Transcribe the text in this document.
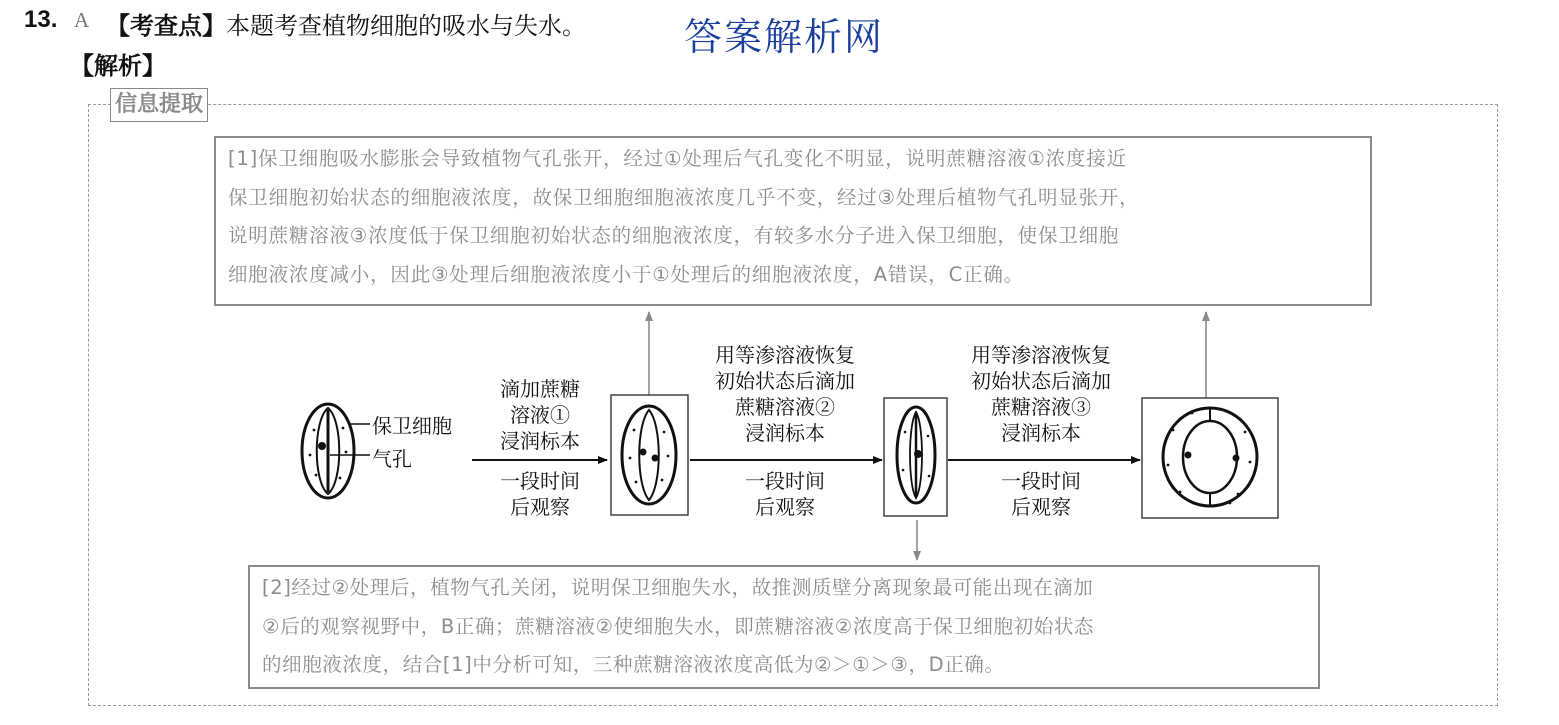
13. A 【考查点】本题考查植物细胞的吸水与失水。	答案解析网
【解析】
信息提取
保卫细胞
气孔
滴加蔗糖
溶液①
浸润标本
一段时间
后观察
用等渗溶液恢复
初始状态后滴加
蔗糖溶液②
浸润标本
一段时间
后观察
用等渗溶液恢复
初始状态后滴加
蔗糖溶液③
浸润标本
一段时间
后观察
[1]保卫细胞吸水膨胀会导致植物气孔张开，经过①处理后气孔变化不明显，说明蔗糖溶液①浓度接近
保卫细胞初始状态的细胞液浓度，故保卫细胞细胞液浓度几乎不变，经过③处理后植物气孔明显张开，
说明蔗糖溶液③浓度低于保卫细胞初始状态的细胞液浓度，有较多水分子进入保卫细胞，使保卫细胞
细胞液浓度减小，因此③处理后细胞液浓度小于①处理后的细胞液浓度，A错误，C正确。
[2]经过②处理后，植物气孔关闭，说明保卫细胞失水，故推测质壁分离现象最可能出现在滴加
②后的观察视野中，B正确；蔗糖溶液②使细胞失水，即蔗糖溶液②浓度高于保卫细胞初始状态
的细胞液浓度，结合[1]中分析可知，三种蔗糖溶液浓度高低为②＞①＞③，D正确。
